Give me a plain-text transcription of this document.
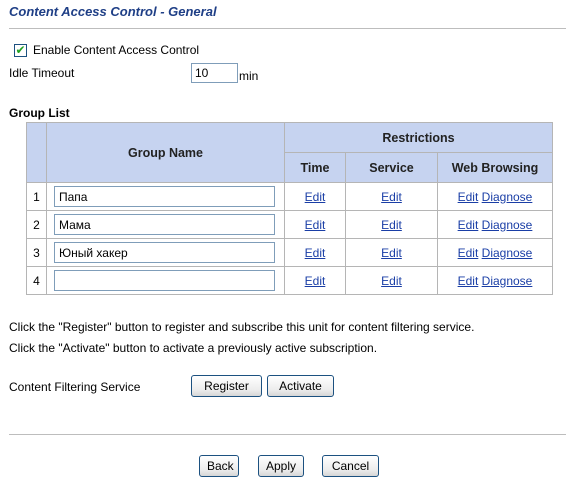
Content Access Control - General
✔ Enable Content Access Control
Idle Timeout
10	min
Group List
	Group Name	Restrictions		
		Time	Service	Web Browsing
1	Папа	Edit	Edit	Edit Diagnose
2	Мама	Edit	Edit	Edit Diagnose
3	Юный хакер	Edit	Edit	Edit Diagnose
4		Edit	Edit	Edit Diagnose
Click the "Register" button to register and subscribe this unit for content filtering service.
Click the "Activate" button to activate a previously active subscription.
Content Filtering Service	Register	Activate
Back	Apply	Cancel
